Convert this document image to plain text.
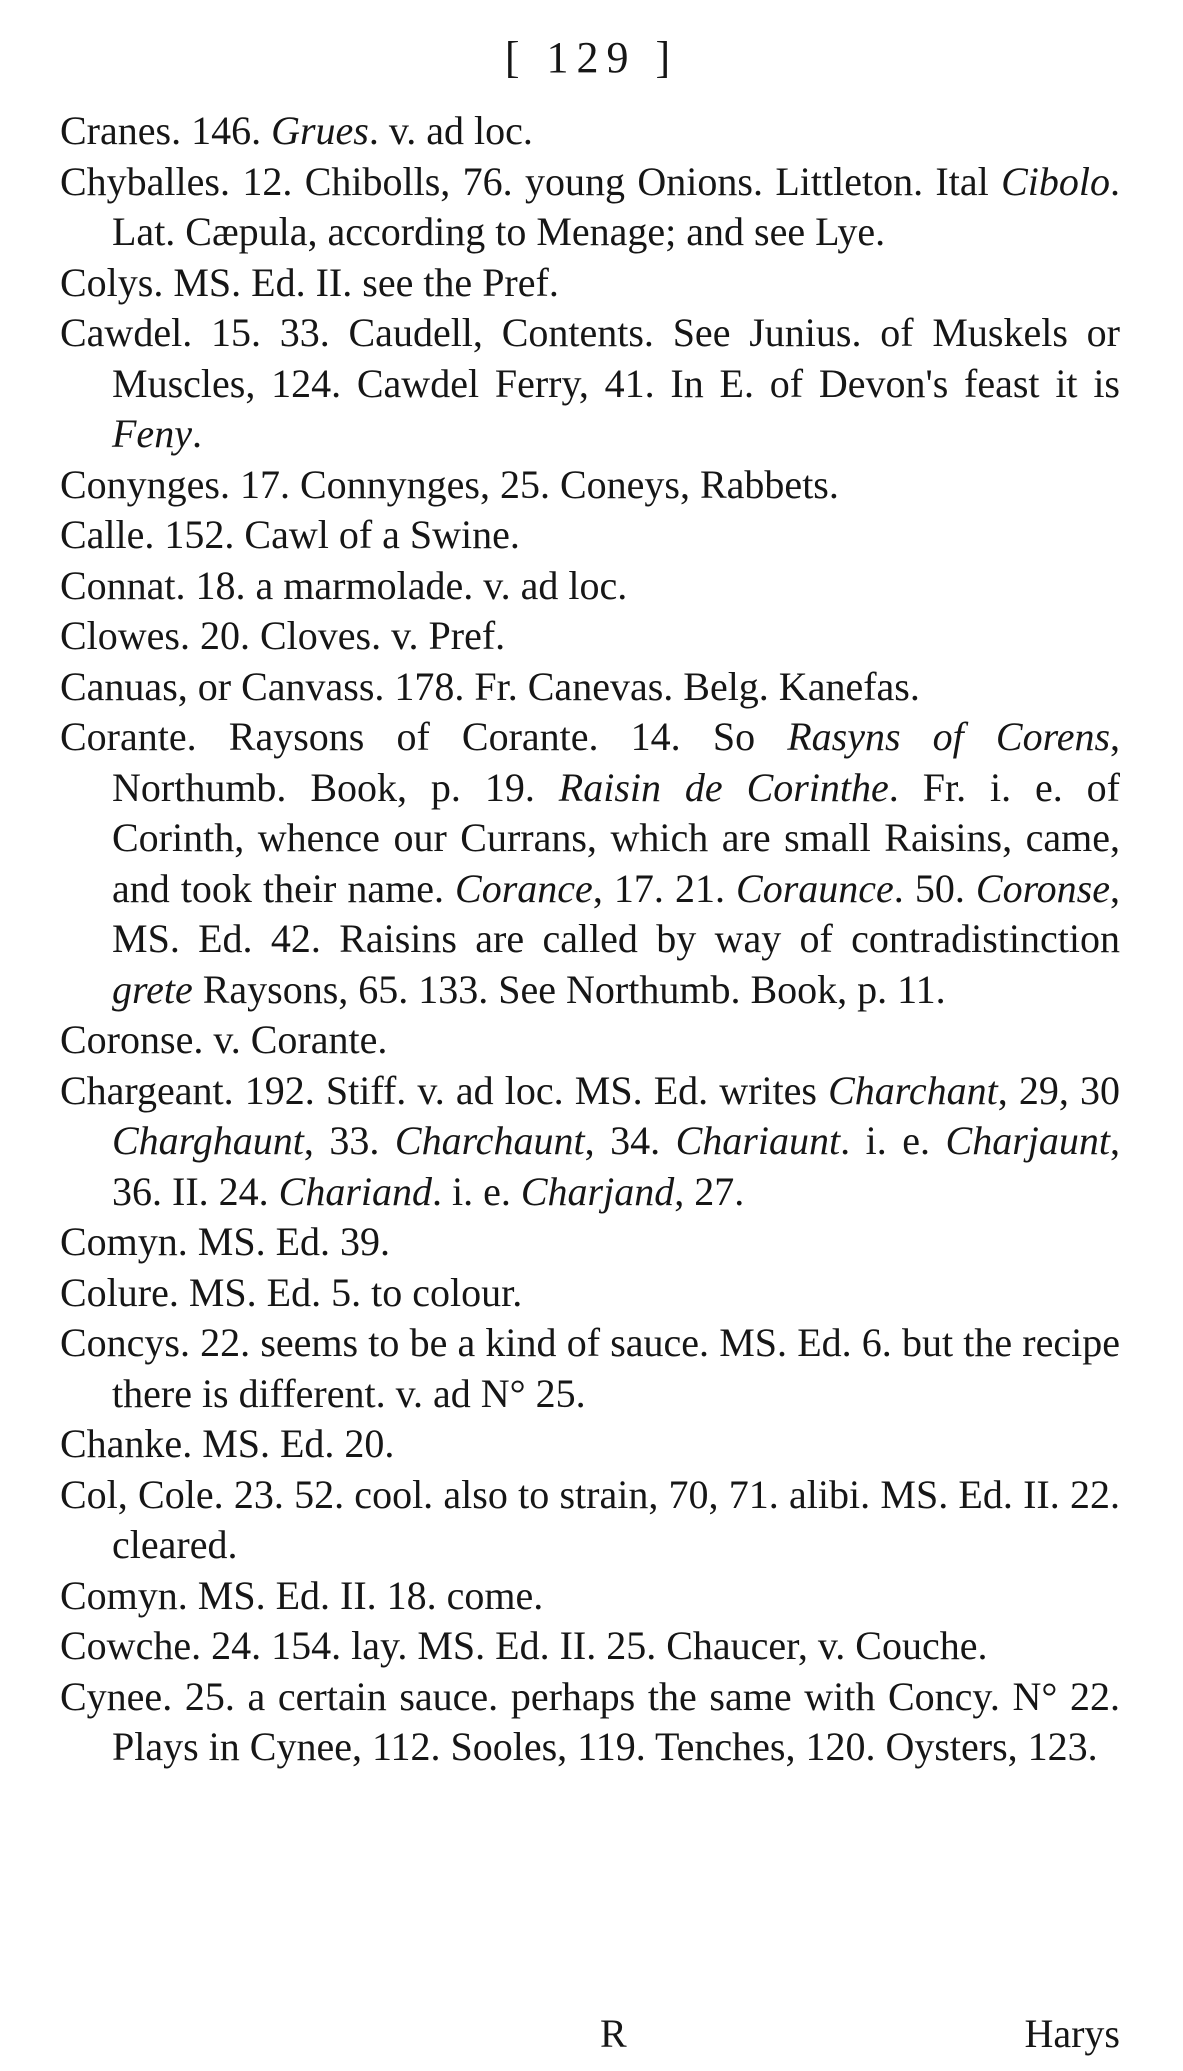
[ 129 ]

Cranes. 146. Grues. v. ad loc.

Chyballes. 12. Chibolls, 76. young Onions. Littleton. Ital Cibolo. Lat. Cæpula, according to Menage; and see Lye.

Colys. MS. Ed. II. see the Pref.

Cawdel. 15. 33. Caudell, Contents. See Junius. of Muskels or Muscles, 124. Cawdel Ferry, 41. In E. of Devon's feast it is Feny.

Conynges. 17. Connynges, 25. Coneys, Rabbets.

Calle. 152. Cawl of a Swine.

Connat. 18. a marmolade. v. ad loc.

Clowes. 20. Cloves. v. Pref.

Canuas, or Canvass. 178. Fr. Canevas. Belg. Kanefas.

Corante. Raysons of Corante. 14. So Rasyns of Corens, Northumb. Book, p. 19. Raisin de Corinthe. Fr. i. e. of Corinth, whence our Currans, which are small Raisins, came, and took their name. Corance, 17. 21. Coraunce. 50. Coronse, MS. Ed. 42. Raisins are called by way of contradistinction grete Raysons, 65. 133. See Northumb. Book, p. 11.

Coronse. v. Corante.

Chargeant. 192. Stiff. v. ad loc. MS. Ed. writes Charchant, 29, 30 Charghaunt, 33. Charchaunt, 34. Chariaunt. i. e. Charjaunt, 36. II. 24. Chariand. i. e. Charjand, 27.

Comyn. MS. Ed. 39.

Colure. MS. Ed. 5. to colour.

Concys. 22. seems to be a kind of sauce. MS. Ed. 6. but the recipe there is different. v. ad N° 25.

Chanke. MS. Ed. 20.

Col, Cole. 23. 52. cool. also to strain, 70, 71. alibi. MS. Ed. II. 22. cleared.

Comyn. MS. Ed. II. 18. come.

Cowche. 24. 154. lay. MS. Ed. II. 25. Chaucer, v. Couche.

Cynee. 25. a certain sauce. perhaps the same with Concy. N° 22. Plays in Cynee, 112. Sooles, 119. Tenches, 120. Oysters, 123.

R	Harys
